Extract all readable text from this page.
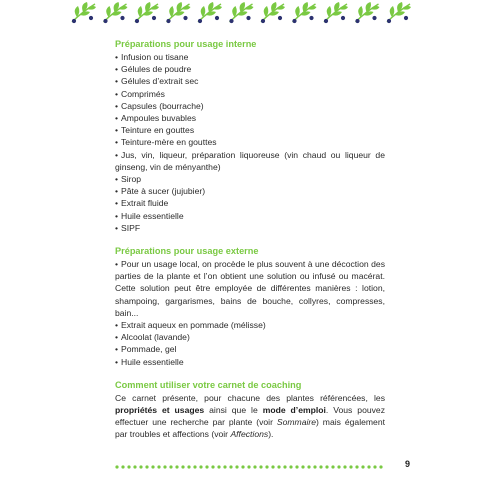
Préparations pour usage interne
• Infusion ou tisane
• Gélules de poudre
• Gélules d’extrait sec
• Comprimés
• Capsules (bourrache)
• Ampoules buvables
• Teinture en gouttes
• Teinture-mère en gouttes
• Jus, vin, liqueur, préparation liquoreuse (vin chaud ou liqueur de ginseng, vin de ményanthe)
• Sirop
• Pâte à sucer (jujubier)
• Extrait fluide
• Huile essentielle
• SIPF
Préparations pour usage externe
• Pour un usage local, on procède le plus souvent à une décoction des parties de la plante et l’on obtient une solution ou infusé ou macérat. Cette solution peut être employée de différentes manières : lotion, shampoing, gargarismes, bains de bouche, collyres, compresses, bain...
• Extrait aqueux en pommade (mélisse)
• Alcoolat (lavande)
• Pommade, gel
• Huile essentielle
Comment utiliser votre carnet de coaching

Ce carnet présente, pour chacune des plantes référencées, les propriétés et usages ainsi que le mode d’emploi. Vous pouvez effectuer une recherche par plante (voir Sommaire) mais également par troubles et affections (voir Affections).

9
